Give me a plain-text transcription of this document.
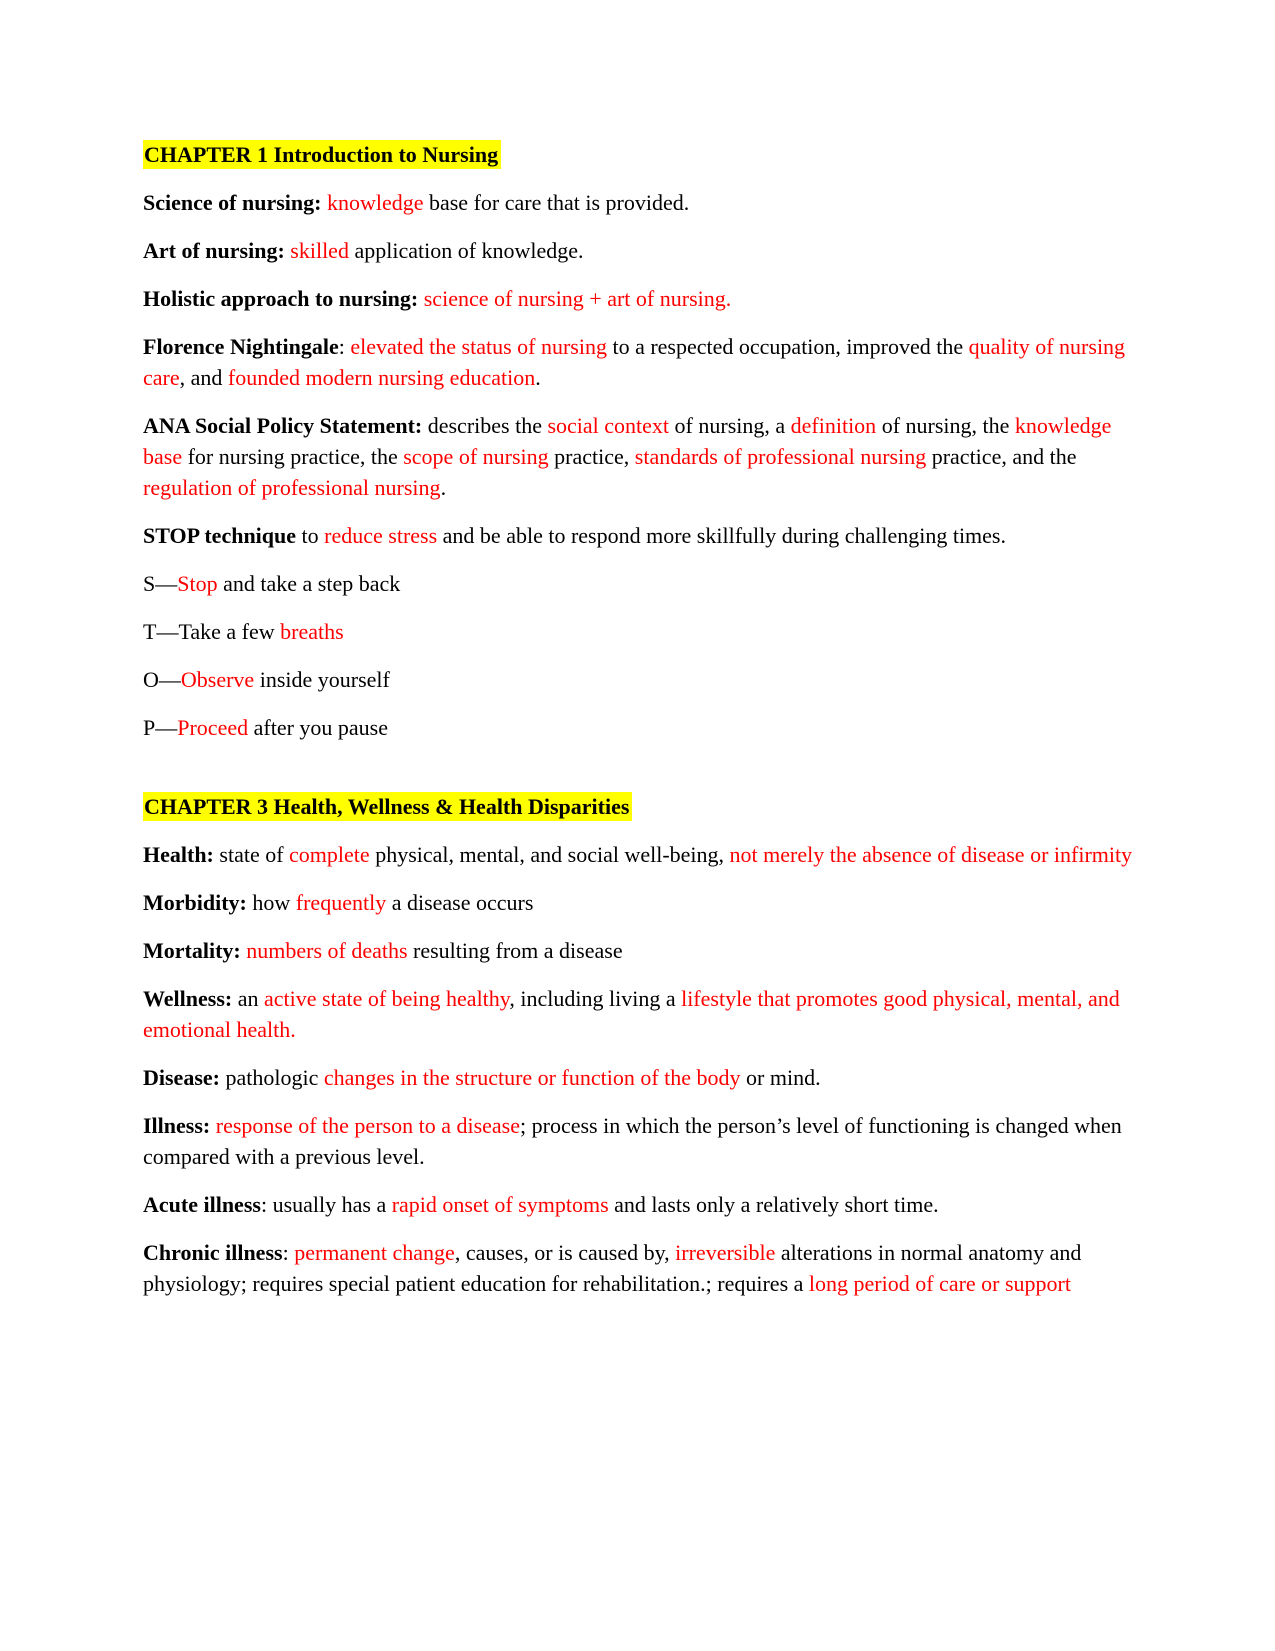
CHAPTER 1 Introduction to Nursing

Science of nursing: knowledge base for care that is provided.

Art of nursing: skilled application of knowledge.

Holistic approach to nursing: science of nursing + art of nursing.

Florence Nightingale: elevated the status of nursing to a respected occupation, improved the quality of nursing care, and founded modern nursing education.

ANA Social Policy Statement: describes the social context of nursing, a definition of nursing, the knowledge base for nursing practice, the scope of nursing practice, standards of professional nursing practice, and the regulation of professional nursing.

STOP technique to reduce stress and be able to respond more skillfully during challenging times.

S—Stop and take a step back

T—Take a few breaths

O—Observe inside yourself

P—Proceed after you pause

CHAPTER 3 Health, Wellness & Health Disparities

Health: state of complete physical, mental, and social well-being, not merely the absence of disease or infirmity

Morbidity: how frequently a disease occurs

Mortality: numbers of deaths resulting from a disease

Wellness: an active state of being healthy, including living a lifestyle that promotes good physical, mental, and emotional health.

Disease: pathologic changes in the structure or function of the body or mind.

Illness: response of the person to a disease; process in which the person’s level of functioning is changed when compared with a previous level.

Acute illness: usually has a rapid onset of symptoms and lasts only a relatively short time.

Chronic illness: permanent change, causes, or is caused by, irreversible alterations in normal anatomy and physiology; requires special patient education for rehabilitation.; requires a long period of care or support
